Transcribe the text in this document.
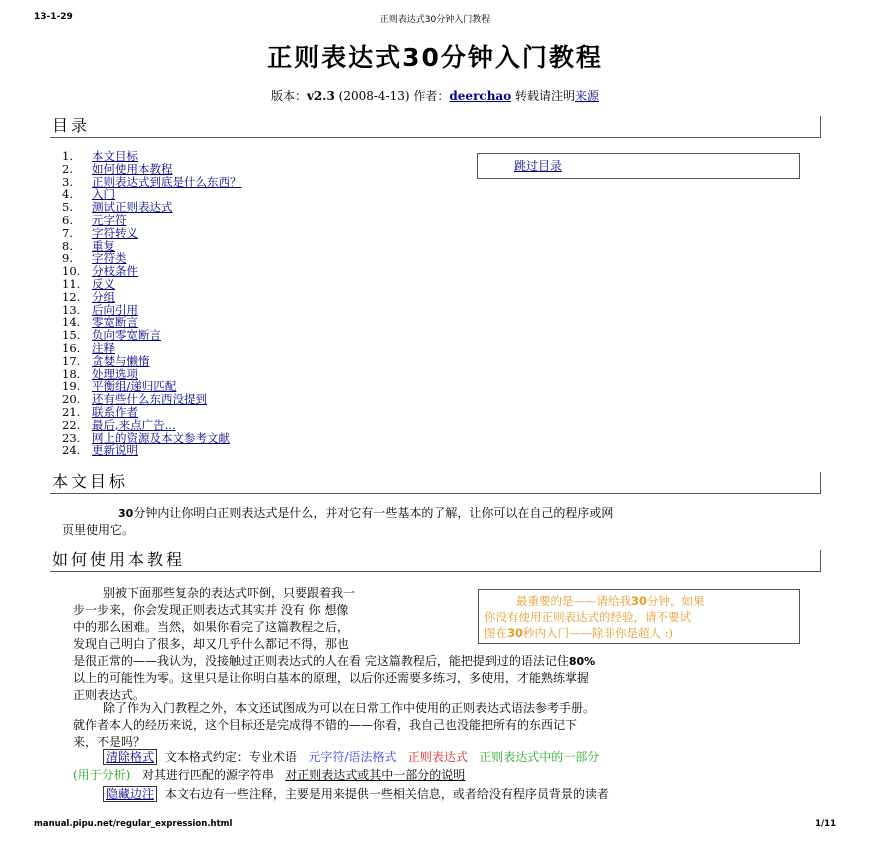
13-1-29	正则表达式30分钟入门教程
正则表达式30分钟入门教程
版本：v2.3 (2008-4-13) 作者：deerchao 转载请注明来源
目录
1. 本文目标
2. 如何使用本教程
3. 正则表达式到底是什么东西？
4. 入门
5. 测试正则表达式
6. 元字符
7. 字符转义
8. 重复
9. 字符类
10. 分枝条件
11. 反义
12. 分组
13. 后向引用
14. 零宽断言
15. 负向零宽断言
16. 注释
17. 贪婪与懒惰
18. 处理选项
19. 平衡组/递归匹配
20. 还有些什么东西没提到
21. 联系作者
22. 最后,来点广告...
23. 网上的资源及本文参考文献
24. 更新说明
跳过目录
本文目标
30分钟内让你明白正则表达式是什么，并对它有一些基本的了解，让你可以在自己的程序或网
页里使用它。
如何使用本教程
别被下面那些复杂的表达式吓倒，只要跟着我一
步一步来，你会发现正则表达式其实并 没有 你 想像
中的那么困难。当然，如果你看完了这篇教程之后，
发现自己明白了很多，却又几乎什么都记不得，那也
是很正常的——我认为，没接触过正则表达式的人在看 完这篇教程后，能把提到过的语法记住80%
以上的可能性为零。这里只是让你明白基本的原理，以后你还需要多练习，多使用，才能熟练掌握
正则表达式。
最重要的是——请给我30分钟，如果
你没有使用正则表达式的经验，请不要试
图在30秒内入门——除非你是超人 :)
除了作为入门教程之外，本文还试图成为可以在日常工作中使用的正则表达式语法参考手册。
就作者本人的经历来说，这个目标还是完成得不错的——你看，我自己也没能把所有的东西记下
来，不是吗？
清除格式 文本格式约定：专业术语 元字符/语法格式 正则表达式 正则表达式中的一部分
(用于分析) 对其进行匹配的源字符串 对正则表达式或其中一部分的说明
隐藏边注 本文右边有一些注释，主要是用来提供一些相关信息，或者给没有程序员背景的读者
manual.pipu.net/regular_expression.html	1/11
